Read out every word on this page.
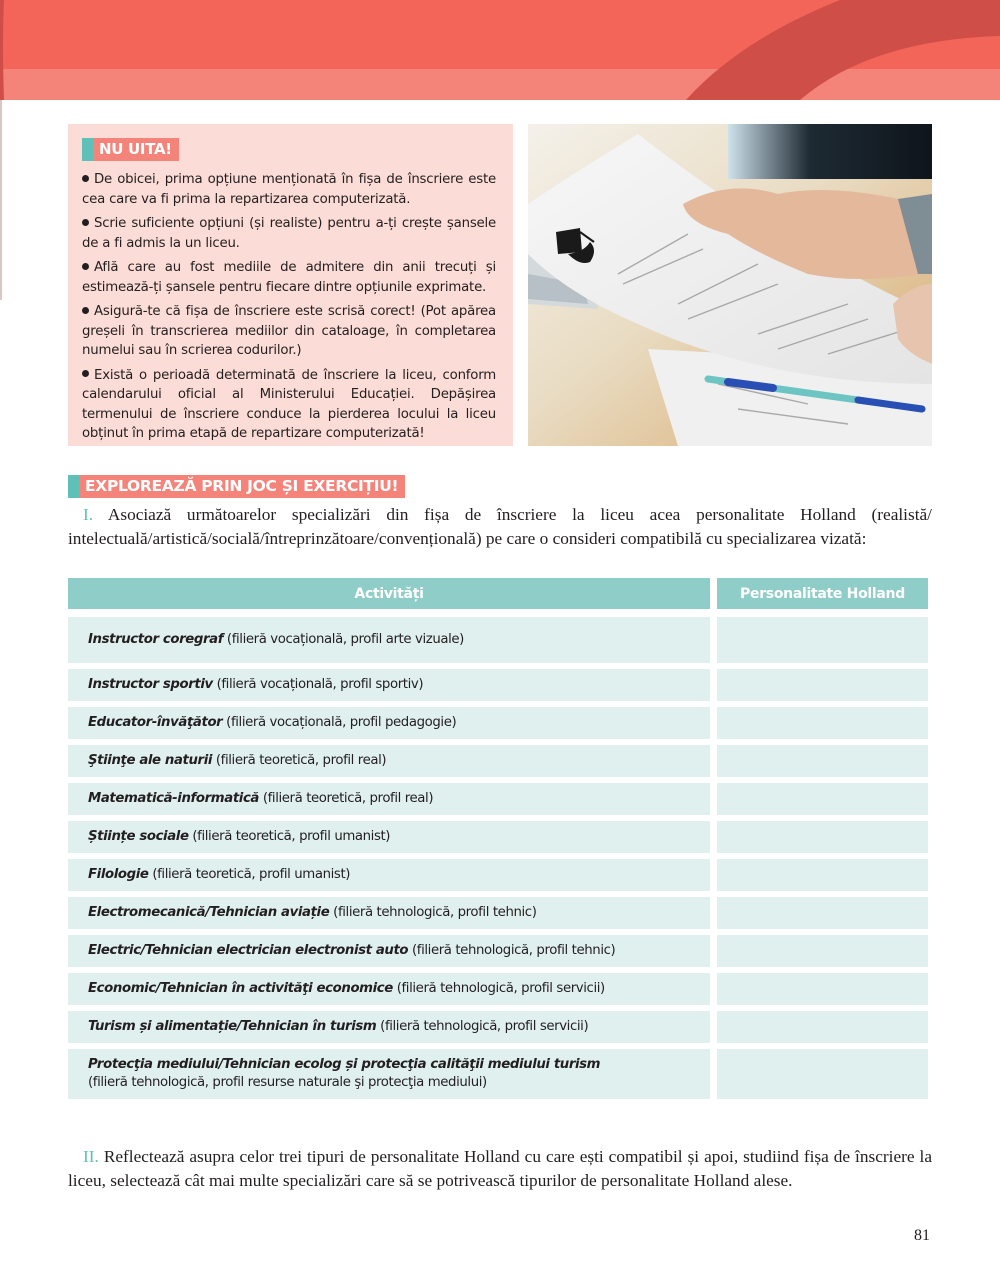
NU UITA!
De obicei, prima opțiune menționată în fișa de înscriere este cea care va fi prima la repartizarea computerizată.
Scrie suficiente opțiuni (și realiste) pentru a-ți crește șansele de a fi admis la un liceu.
Află care au fost mediile de admitere din anii trecuți și estimează-ți șansele pentru fiecare dintre opțiunile exprimate.
Asigură-te că fișa de înscriere este scrisă corect! (Pot apărea greșeli în transcrierea mediilor din cataloage, în completarea numelui sau în scrierea codurilor.)
Există o perioadă determinată de înscriere la liceu, conform calendarului oficial al Ministerului Educației. Depășirea termenului de înscriere conduce la pierderea locului la liceu obținut în prima etapă de repartizare computerizată!
EXPLOREAZĂ PRIN JOC ȘI EXERCIȚIU!

I. Asociază următoarelor specializări din fișa de înscriere la liceu acea personalitate Holland (realistă/ intelectuală/artistică/socială/întreprinzătoare/convențională) pe care o consideri compatibilă cu specializarea vizată:

Activități	Personalitate Holland
Instructor coregraf (filieră vocațională, profil arte vizuale)
Instructor sportiv (filieră vocațională, profil sportiv)
Educator-învăţător (filieră vocațională, profil pedagogie)
Ştiinţe ale naturii (filieră teoretică, profil real)
Matematică-informatică (filieră teoretică, profil real)
Științe sociale (filieră teoretică, profil umanist)
Filologie (filieră teoretică, profil umanist)
Electromecanică/Tehnician aviație (filieră tehnologică, profil tehnic)
Electric/Tehnician electrician electronist auto (filieră tehnologică, profil tehnic)
Economic/Tehnician în activităţi economice (filieră tehnologică, profil servicii)
Turism și alimentație/Tehnician în turism (filieră tehnologică, profil servicii)
Protecţia mediului/Tehnician ecolog și protecţia calităţii mediului turism
(filieră tehnologică, profil resurse naturale şi protecţia mediului)

II. Reflectează asupra celor trei tipuri de personalitate Holland cu care ești compatibil și apoi, studiind fișa de înscriere la liceu, selectează cât mai multe specializări care să se potrivească tipurilor de personalitate Holland alese.

81
